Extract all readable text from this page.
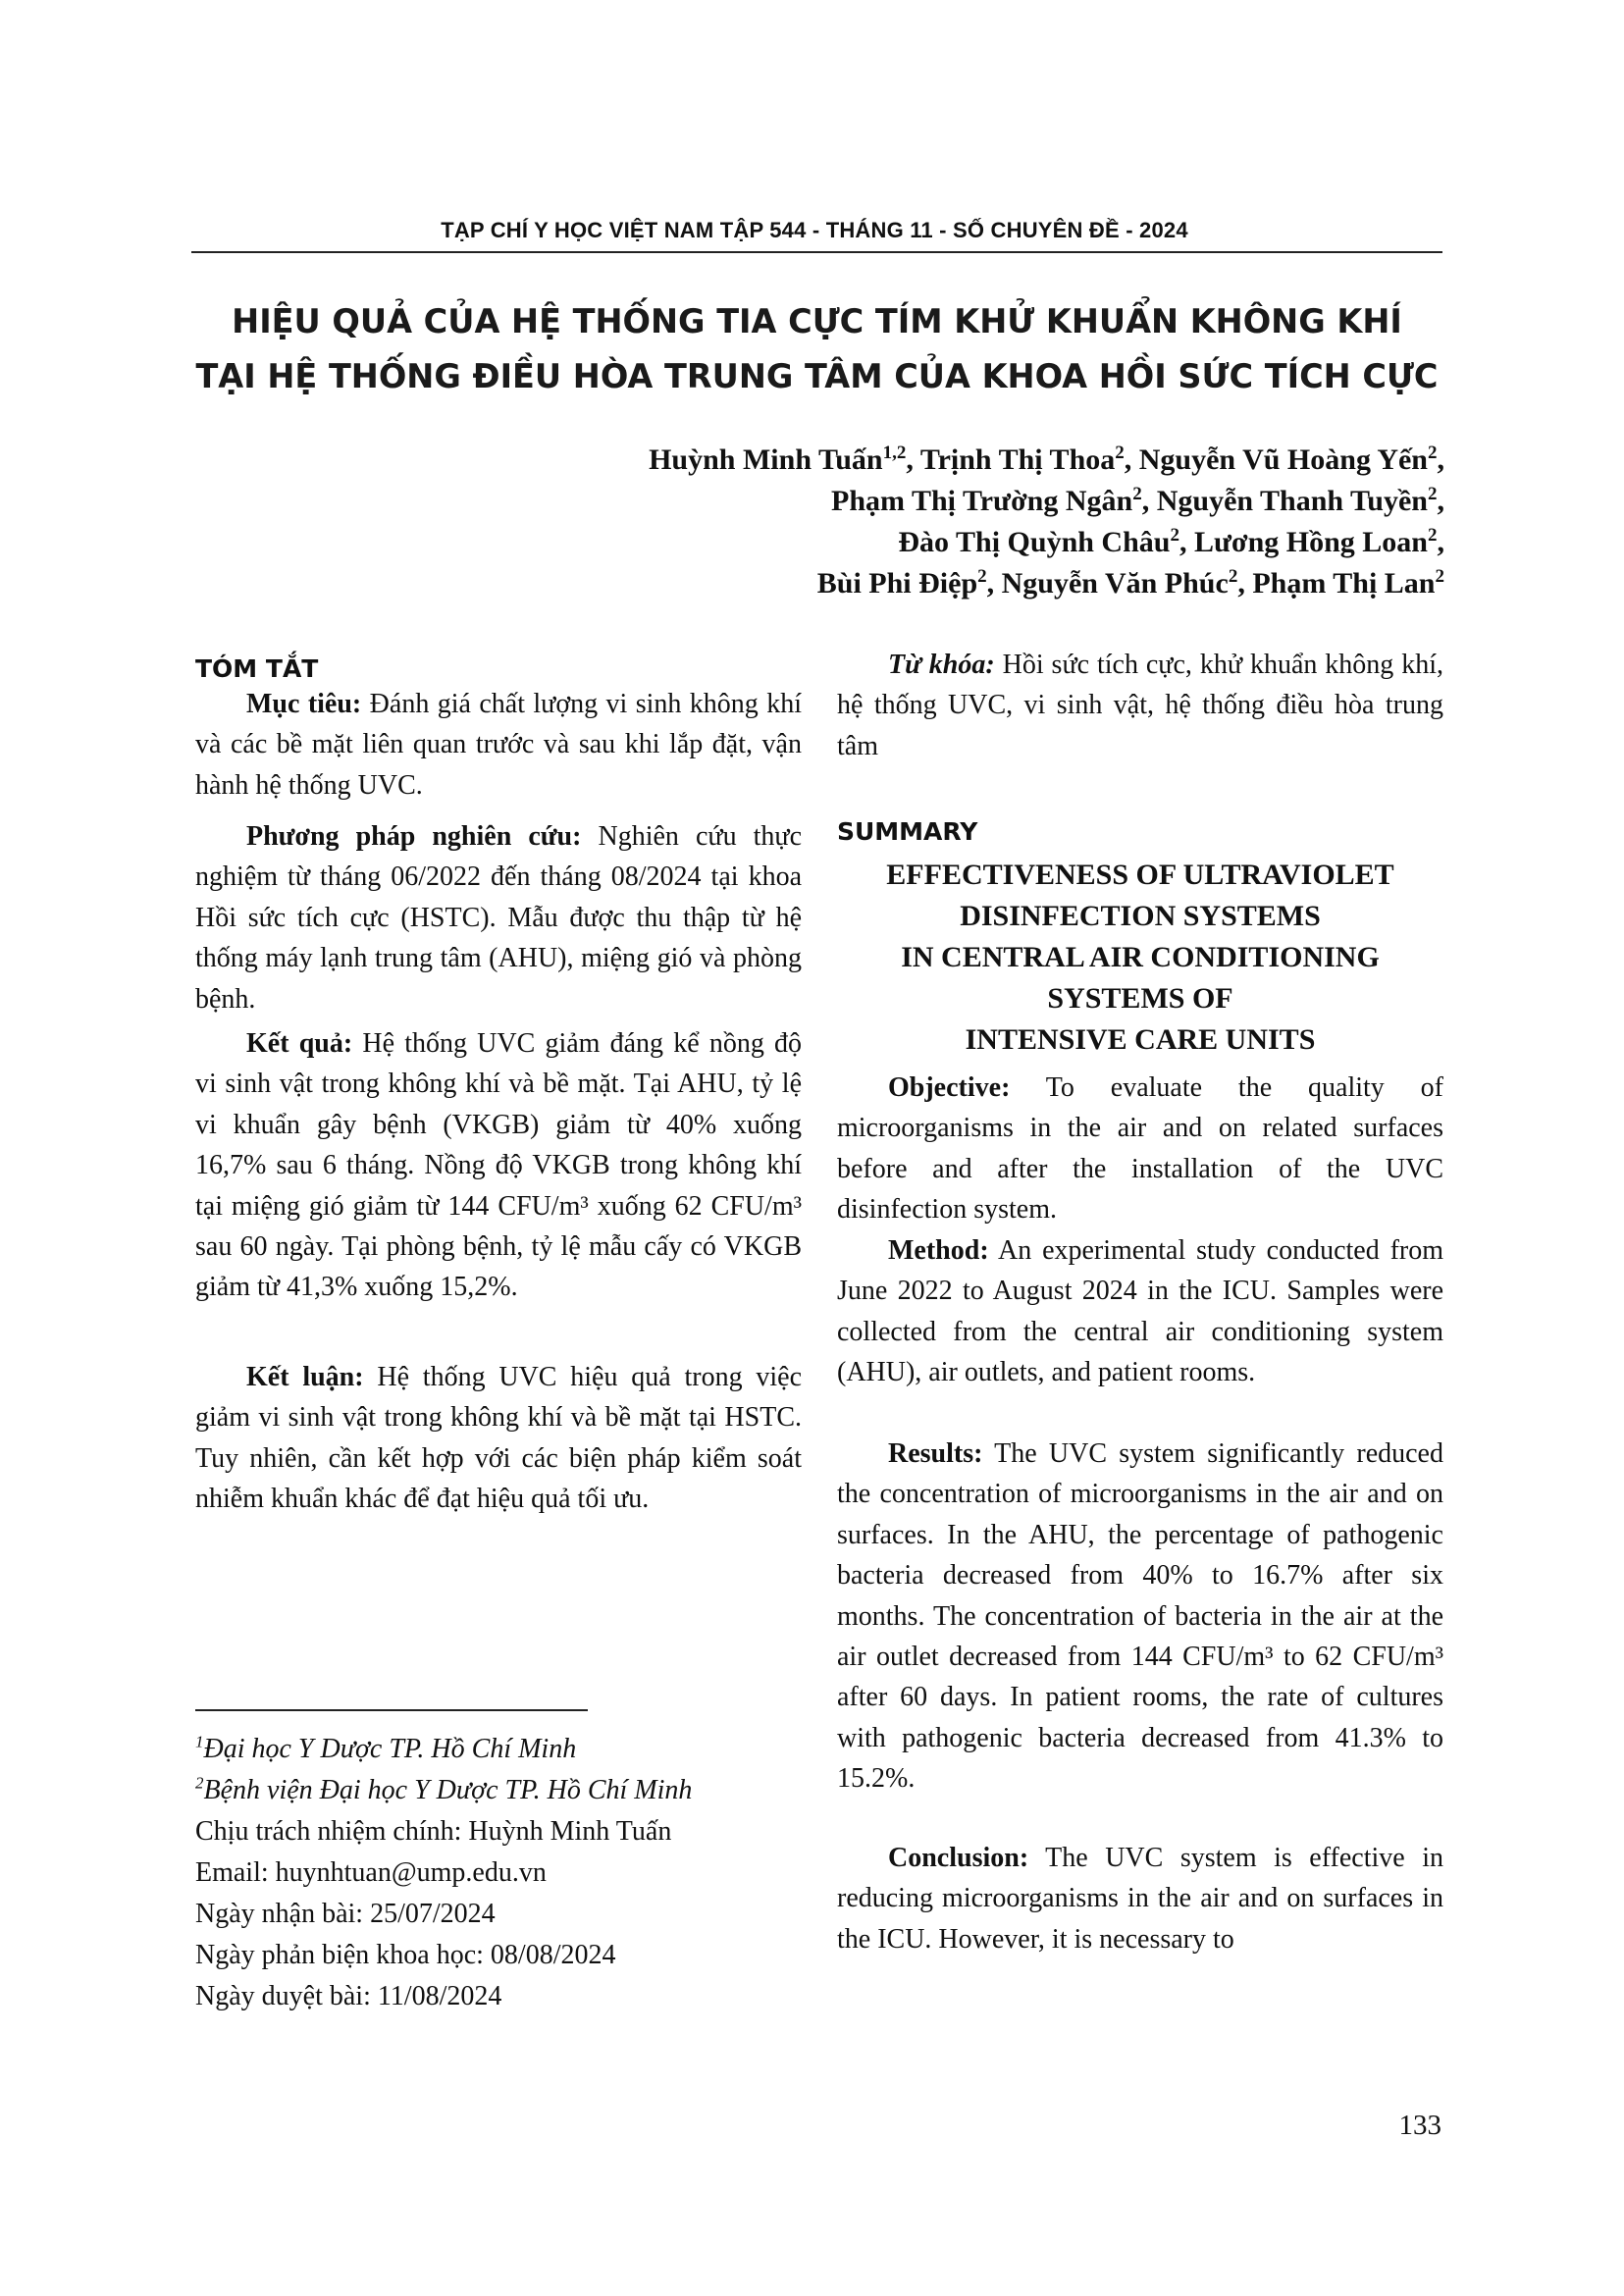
TẠP CHÍ Y HỌC VIỆT NAM TẬP 544 - THÁNG 11 - SỐ CHUYÊN ĐỀ - 2024
HIỆU QUẢ CỦA HỆ THỐNG TIA CỰC TÍM KHỬ KHUẨN KHÔNG KHÍ
TẠI HỆ THỐNG ĐIỀU HÒA TRUNG TÂM CỦA KHOA HỒI SỨC TÍCH CỰC
Huỳnh Minh Tuấn$^{1,2}$, Trịnh Thị Thoa$^2$, Nguyễn Vũ Hoàng Yến$^2$,
Phạm Thị Trường Ngân$^2$, Nguyễn Thanh Tuyền$^2$,
Đào Thị Quỳnh Châu$^2$, Lương Hồng Loan$^2$,
Bùi Phi Điệp$^2$, Nguyễn Văn Phúc$^2$, Phạm Thị Lan$^2$
TÓM TẮT

Mục tiêu: Đánh giá chất lượng vi sinh không khí và các bề mặt liên quan trước và sau khi lắp đặt, vận hành hệ thống UVC.

Phương pháp nghiên cứu: Nghiên cứu thực nghiệm từ tháng 06/2022 đến tháng 08/2024 tại khoa Hồi sức tích cực (HSTC). Mẫu được thu thập từ hệ thống máy lạnh trung tâm (AHU), miệng gió và phòng bệnh.

Kết quả: Hệ thống UVC giảm đáng kể nồng độ vi sinh vật trong không khí và bề mặt. Tại AHU, tỷ lệ vi khuẩn gây bệnh (VKGB) giảm từ 40% xuống 16,7% sau 6 tháng. Nồng độ VKGB trong không khí tại miệng gió giảm từ 144 CFU/m³ xuống 62 CFU/m³ sau 60 ngày. Tại phòng bệnh, tỷ lệ mẫu cấy có VKGB giảm từ 41,3% xuống 15,2%.

Kết luận: Hệ thống UVC hiệu quả trong việc giảm vi sinh vật trong không khí và bề mặt tại HSTC. Tuy nhiên, cần kết hợp với các biện pháp kiểm soát nhiễm khuẩn khác để đạt hiệu quả tối ưu.

$^1$Đại học Y Dược TP. Hồ Chí Minh
$^2$Bệnh viện Đại học Y Dược TP. Hồ Chí Minh
Chịu trách nhiệm chính: Huỳnh Minh Tuấn
Email: huynhtuan@ump.edu.vn
Ngày nhận bài: 25/07/2024
Ngày phản biện khoa học: 08/08/2024
Ngày duyệt bài: 11/08/2024

Từ khóa: Hồi sức tích cực, khử khuẩn không khí, hệ thống UVC, vi sinh vật, hệ thống điều hòa trung tâm

SUMMARY
EFFECTIVENESS OF ULTRAVIOLET
DISINFECTION SYSTEMS
IN CENTRAL AIR CONDITIONING
SYSTEMS OF
INTENSIVE CARE UNITS

Objective: To evaluate the quality of microorganisms in the air and on related surfaces before and after the installation of the UVC disinfection system.

Method: An experimental study conducted from June 2022 to August 2024 in the ICU. Samples were collected from the central air conditioning system (AHU), air outlets, and patient rooms.

Results: The UVC system significantly reduced the concentration of microorganisms in the air and on surfaces. In the AHU, the percentage of pathogenic bacteria decreased from 40% to 16.7% after six months. The concentration of bacteria in the air at the air outlet decreased from 144 CFU/m³ to 62 CFU/m³ after 60 days. In patient rooms, the rate of cultures with pathogenic bacteria decreased from 41.3% to 15.2%.

Conclusion: The UVC system is effective in reducing microorganisms in the air and on surfaces in the ICU. However, it is necessary to

133
